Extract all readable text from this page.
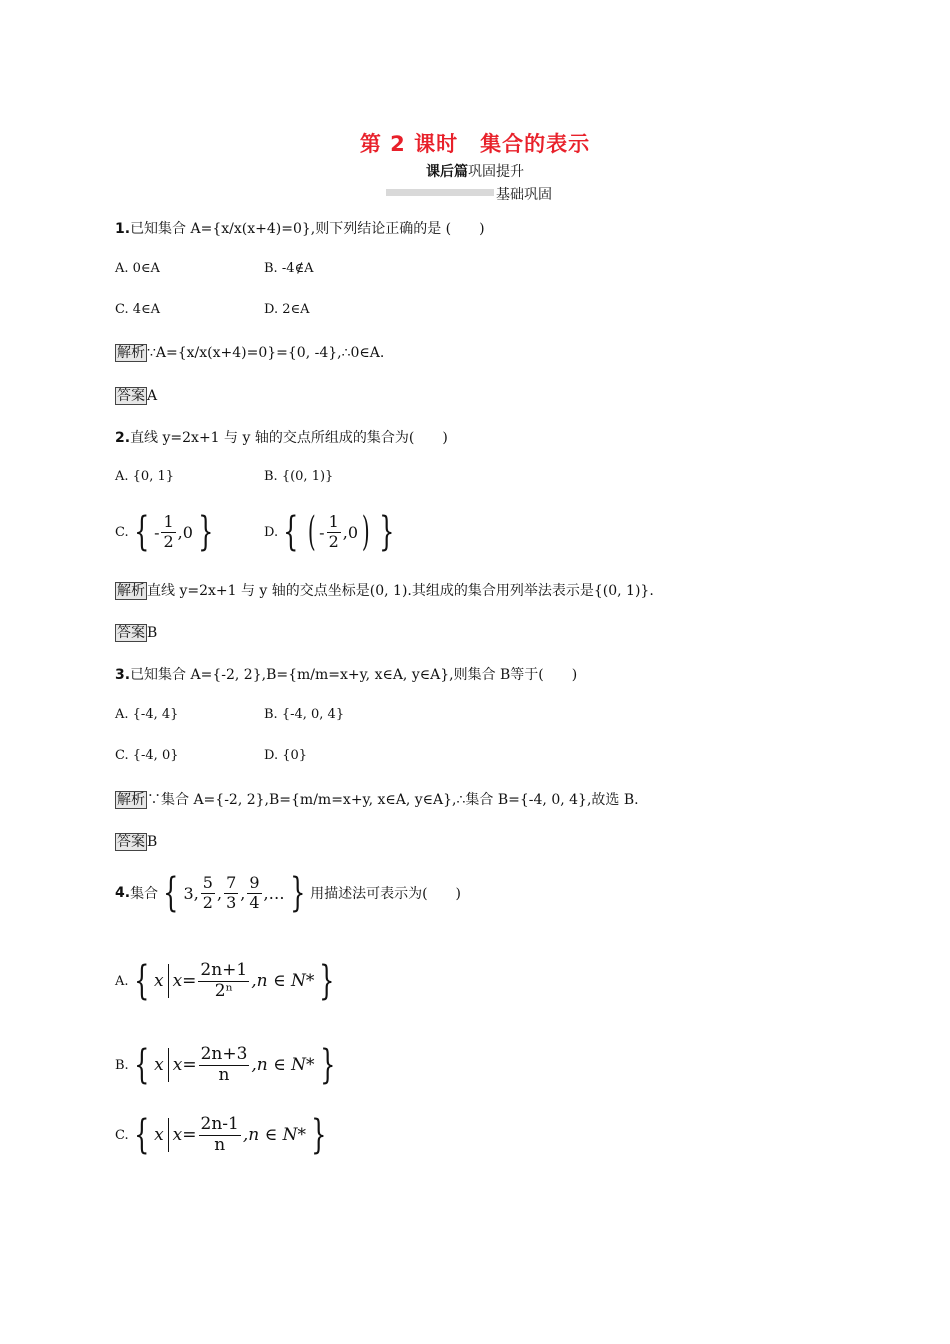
第 2 课时　集合的表示
课后篇巩固提升
基础巩固
1.已知集合 A={x/x(x+4)=0},则下列结论正确的是 (　　)
A. 0∈A	B. -4∉A
C. 4∈A	D. 2∈A
解析 ∵A={x/x(x+4)=0}={0, -4},∴0∈A.
答案 A
2.直线 y=2x+1 与 y 轴的交点所组成的集合为(　　)
A. {0, 1}	B. {(0, 1)}
C. { - $\frac{1}{2} ,0$ }	D. { ( - $\frac{1}{2} ,0$ ) }
解析 直线 y=2x+1 与 y 轴的交点坐标是(0, 1).其组成的集合用列举法表示是{(0, 1)}.
答案 B
3.已知集合 A={-2, 2},B={m/m=x+y, x∈A, y∈A},则集合 B等于(　　)
A. {-4, 4}	B. {-4, 0, 4}
C. {-4, 0}	D. {0}
解析 ∵集合 A={-2, 2},B={m/m=x+y, x∈A, y∈A},∴集合 B={-4, 0, 4},故选 B.
答案 B
4. 集合 { 3, $\frac{5}{2}$ , $\frac{7}{3}$ , $\frac{9}{4}$ ,… } 用描述法可表示为(　　)
A. { x $x= \frac{2n+1}{\text{2ⁿ}} ,n$ ∈ N* }
B. { x $x= \frac{2n+3}{n} ,n$ ∈ N* }
C. { x $x= \frac{2n-1}{n} ,n$ ∈ N* }
